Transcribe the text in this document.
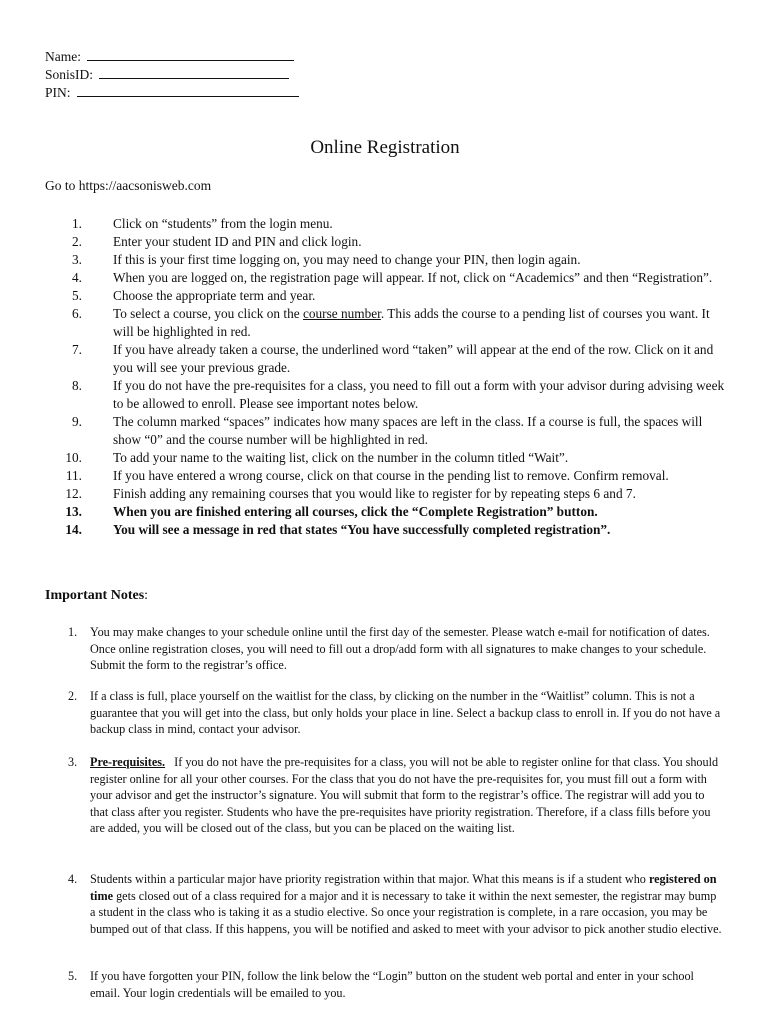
Name:
SonisID:
PIN:
Online Registration
Go to https://aacsonisweb.com
1. Click on “students” from the login menu.
2. Enter your student ID and PIN and click login.
3. If this is your first time logging on, you may need to change your PIN, then login again.
4. When you are logged on, the registration page will appear. If not, click on “Academics” and then “Registration”.
5. Choose the appropriate term and year.
6. To select a course, you click on the course number. This adds the course to a pending list of courses you want. It will be highlighted in red.
7. If you have already taken a course, the underlined word “taken” will appear at the end of the row. Click on it and you will see your previous grade.
8. If you do not have the pre-requisites for a class, you need to fill out a form with your advisor during advising week to be allowed to enroll. Please see important notes below.
9. The column marked “spaces” indicates how many spaces are left in the class. If a course is full, the spaces will show “0” and the course number will be highlighted in red.
10. To add your name to the waiting list, click on the number in the column titled “Wait”.
11. If you have entered a wrong course, click on that course in the pending list to remove. Confirm removal.
12. Finish adding any remaining courses that you would like to register for by repeating steps 6 and 7.
13. When you are finished entering all courses, click the “Complete Registration” button.
14. You will see a message in red that states “You have successfully completed registration”.
Important Notes:
1.	You may make changes to your schedule online until the first day of the semester. Please watch e-mail for notification of dates. Once online registration closes, you will need to fill out a drop/add form with all signatures to make changes to your schedule. Submit the form to the registrar’s office.
2.	If a class is full, place yourself on the waitlist for the class, by clicking on the number in the “Waitlist” column. This is not a guarantee that you will get into the class, but only holds your place in line. Select a backup class to enroll in. If you do not have a backup class in mind, contact your advisor.
3.	Pre-requisites. If you do not have the pre-requisites for a class, you will not be able to register online for that class. You should register online for all your other courses. For the class that you do not have the pre-requisites for, you must fill out a form with your advisor and get the instructor’s signature. You will submit that form to the registrar’s office. The registrar will add you to that class after you register. Students who have the pre-requisites have priority registration. Therefore, if a class fills before you are added, you will be closed out of the class, but you can be placed on the waiting list.
4.	Students within a particular major have priority registration within that major. What this means is if a student who registered on time gets closed out of a class required for a major and it is necessary to take it within the next semester, the registrar may bump a student in the class who is taking it as a studio elective. So once your registration is complete, in a rare occasion, you may be bumped out of that class. If this happens, you will be notified and asked to meet with your advisor to pick another studio elective.
5.	If you have forgotten your PIN, follow the link below the “Login” button on the student web portal and enter in your school email. Your login credentials will be emailed to you.
